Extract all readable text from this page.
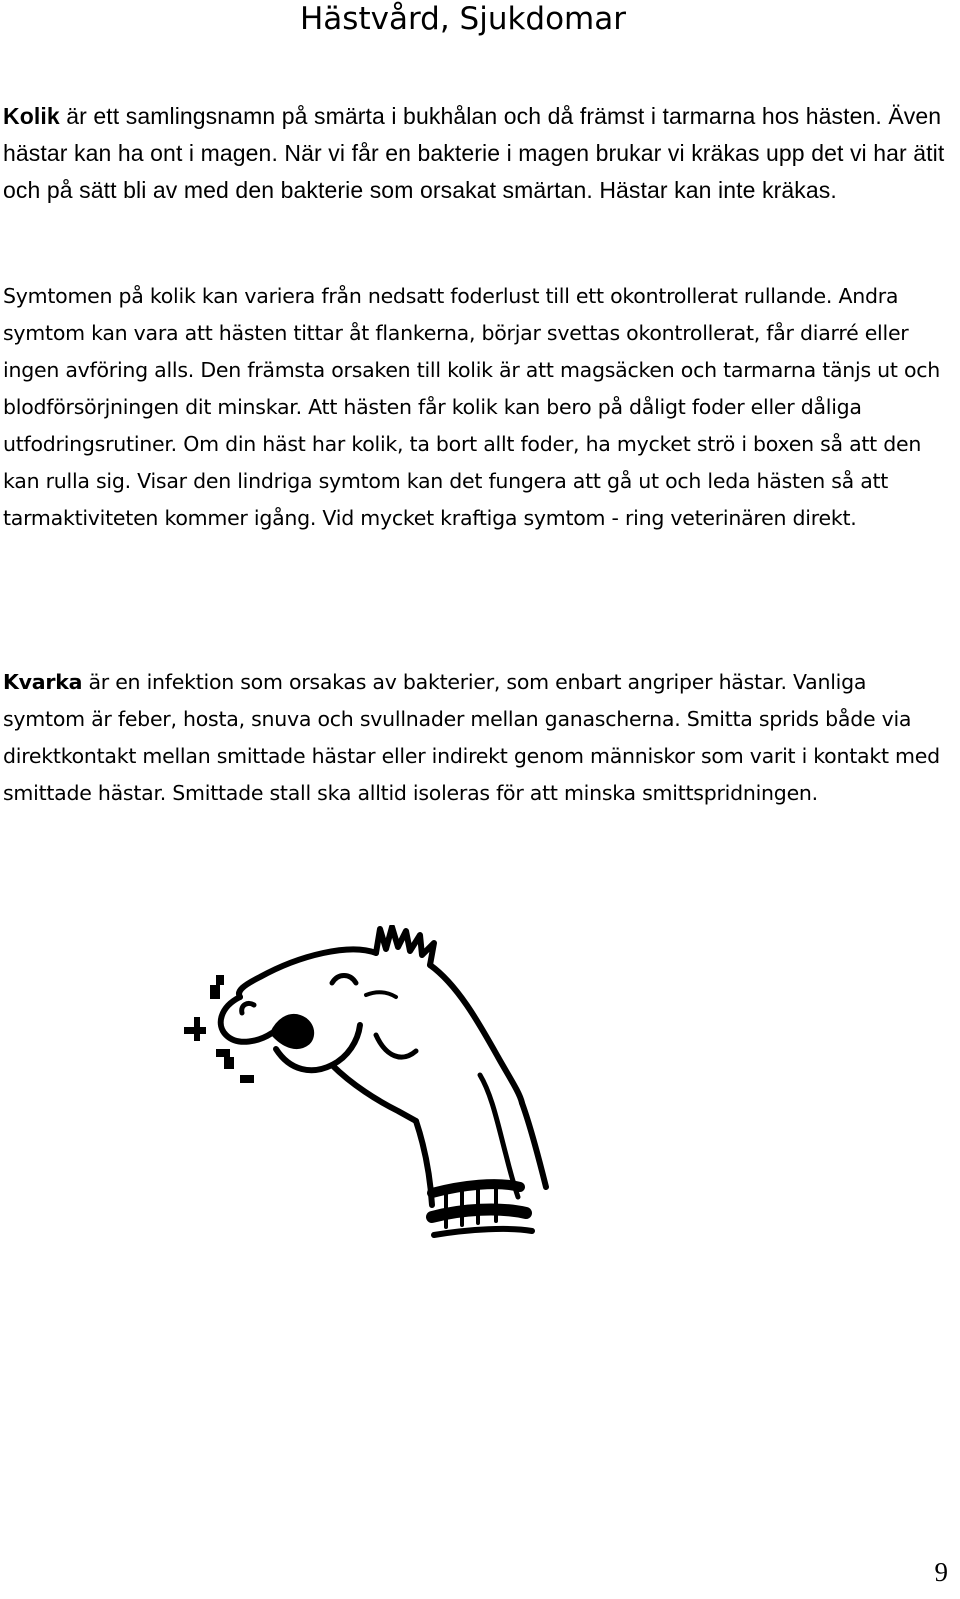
Hästvård, Sjukdomar

Kolik är ett samlingsnamn på smärta i bukhålan och då främst i tarmarna hos hästen. Även hästar kan ha ont i magen. När vi får en bakterie i magen brukar vi kräkas upp det vi har ätit och på sätt bli av med den bakterie som orsakat smärtan. Hästar kan inte kräkas.

Symtomen på kolik kan variera från nedsatt foderlust till ett okontrollerat rullande. Andra symtom kan vara att hästen tittar åt flankerna, börjar svettas okontrollerat, får diarré eller ingen avföring alls. Den främsta orsaken till kolik är att magsäcken och tarmarna tänjs ut och blodförsörjningen dit minskar. Att hästen får kolik kan bero på dåligt foder eller dåliga utfodringsrutiner. Om din häst har kolik, ta bort allt foder, ha mycket strö i boxen så att den kan rulla sig. Visar den lindriga symtom kan det fungera att gå ut och leda hästen så att tarmaktiviteten kommer igång. Vid mycket kraftiga symtom - ring veterinären direkt.

Kvarka är en infektion som orsakas av bakterier, som enbart angriper hästar. Vanliga symtom är feber, hosta, snuva och svullnader mellan ganascherna. Smitta sprids både via direktkontakt mellan smittade hästar eller indirekt genom människor som varit i kontakt med smittade hästar. Smittade stall ska alltid isoleras för att minska smittspridningen.

9
